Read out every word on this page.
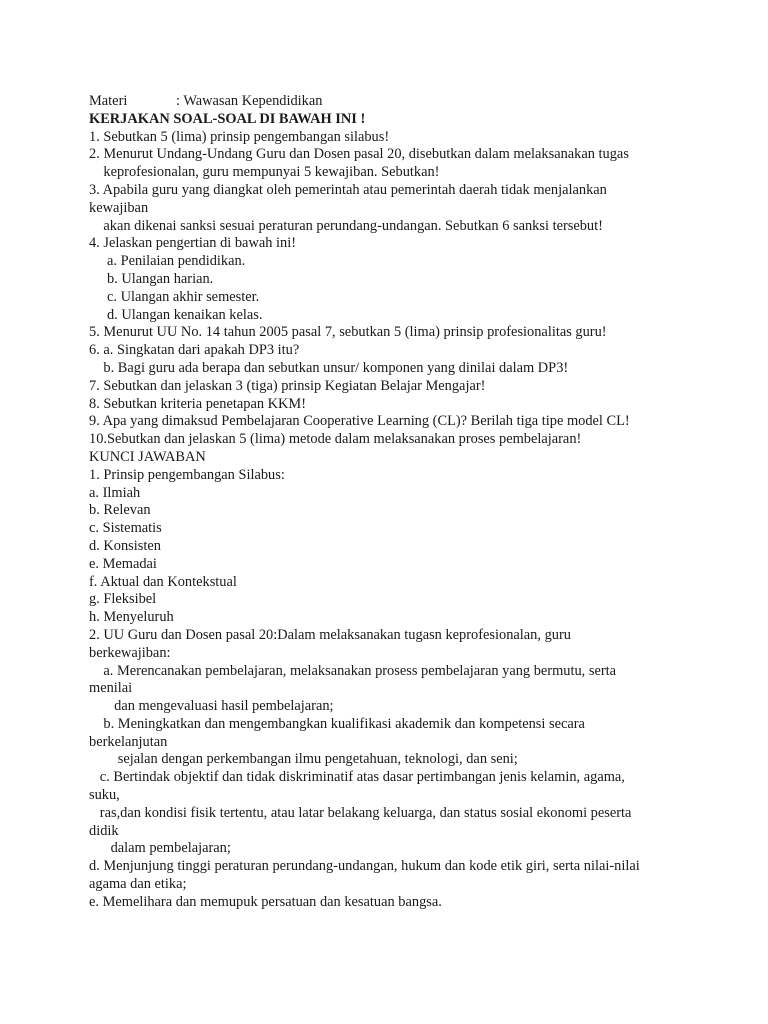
Materi	: Wawasan Kependidikan
KERJAKAN SOAL-SOAL DI BAWAH INI !
1. Sebutkan 5 (lima) prinsip pengembangan silabus!
2. Menurut Undang-Undang Guru dan Dosen pasal 20, disebutkan dalam melaksanakan tugas
keprofesionalan, guru mempunyai 5 kewajiban. Sebutkan!
3. Apabila guru yang diangkat oleh pemerintah atau pemerintah daerah tidak menjalankan
kewajiban
akan dikenai sanksi sesuai peraturan perundang-undangan. Sebutkan 6 sanksi tersebut!
4. Jelaskan pengertian di bawah ini!
a. Penilaian pendidikan.
b. Ulangan harian.
c. Ulangan akhir semester.
d. Ulangan kenaikan kelas.
5. Menurut UU No. 14 tahun 2005 pasal 7, sebutkan 5 (lima) prinsip profesionalitas guru!
6. a. Singkatan dari apakah DP3 itu?
b. Bagi guru ada berapa dan sebutkan unsur/ komponen yang dinilai dalam DP3!
7. Sebutkan dan jelaskan 3 (tiga) prinsip Kegiatan Belajar Mengajar!
8. Sebutkan kriteria penetapan KKM!
9. Apa yang dimaksud Pembelajaran Cooperative Learning (CL)? Berilah tiga tipe model CL!
10.Sebutkan dan jelaskan 5 (lima) metode dalam melaksanakan proses pembelajaran!
KUNCI JAWABAN
1. Prinsip pengembangan Silabus:
a. Ilmiah
b. Relevan
c. Sistematis
d. Konsisten
e. Memadai
f. Aktual dan Kontekstual
g. Fleksibel
h. Menyeluruh
2. UU Guru dan Dosen pasal 20:Dalam melaksanakan tugasn keprofesionalan, guru
berkewajiban:
a. Merencanakan pembelajaran, melaksanakan prosess pembelajaran yang bermutu, serta
menilai
dan mengevaluasi hasil pembelajaran;
b. Meningkatkan dan mengembangkan kualifikasi akademik dan kompetensi secara
berkelanjutan
sejalan dengan perkembangan ilmu pengetahuan, teknologi, dan seni;
c. Bertindak objektif dan tidak diskriminatif atas dasar pertimbangan jenis kelamin, agama,
suku,
ras,dan kondisi fisik tertentu, atau latar belakang keluarga, dan status sosial ekonomi peserta
didik
dalam pembelajaran;
d. Menjunjung tinggi peraturan perundang-undangan, hukum dan kode etik giri, serta nilai-nilai
agama dan etika;
e. Memelihara dan memupuk persatuan dan kesatuan bangsa.
